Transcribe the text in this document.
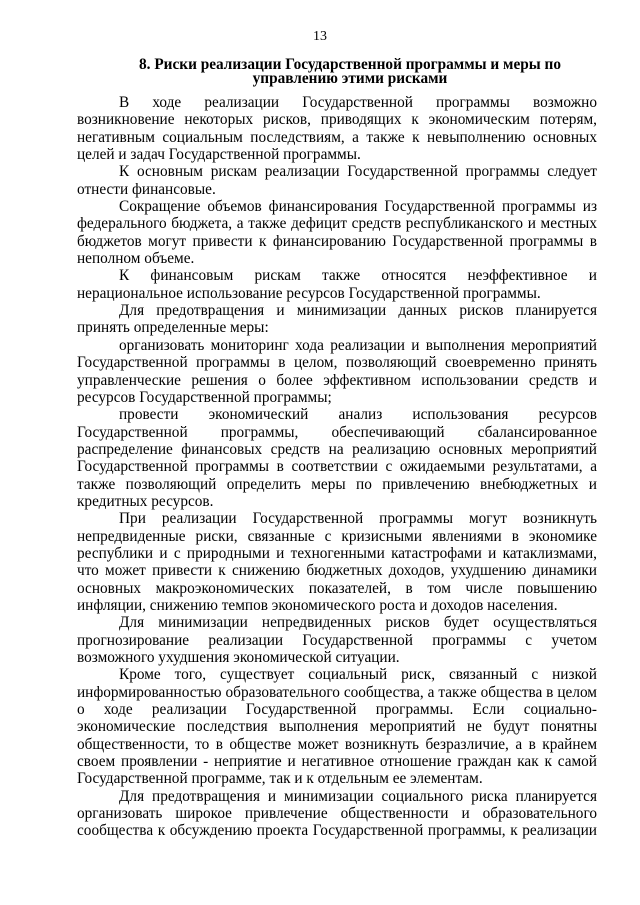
13
8. Риски реализации Государственной программы и меры по управлению этими рисками

В ходе реализации Государственной программы возможно возникновение некоторых рисков, приводящих к экономическим потерям, негативным социальным последствиям, а также к невыполнению основных целей и задач Государственной программы.

К основным рискам реализации Государственной программы следует отнести финансовые.

Сокращение объемов финансирования Государственной программы из федерального бюджета, а также дефицит средств республиканского и местных бюджетов могут привести к финансированию Государственной программы в неполном объеме.

К финансовым рискам также относятся неэффективное и нерациональное использование ресурсов Государственной программы.

Для предотвращения и минимизации данных рисков планируется принять определенные меры:

организовать мониторинг хода реализации и выполнения мероприятий Государственной программы в целом, позволяющий своевременно принять управленческие решения о более эффективном использовании средств и ресурсов Государственной программы;

провести экономический анализ использования ресурсов Государственной программы, обеспечивающий сбалансированное распределение финансовых средств на реализацию основных мероприятий Государственной программы в соответствии с ожидаемыми результатами, а также позволяющий определить меры по привлечению внебюджетных и кредитных ресурсов.

При реализации Государственной программы могут возникнуть непредвиденные риски, связанные с кризисными явлениями в экономике республики и с природными и техногенными катастрофами и катаклизмами, что может привести к снижению бюджетных доходов, ухудшению динамики основных макроэкономических показателей, в том числе повышению инфляции, снижению темпов экономического роста и доходов населения.

Для минимизации непредвиденных рисков будет осуществляться прогнозирование реализации Государственной программы с учетом возможного ухудшения экономической ситуации.

Кроме того, существует социальный риск, связанный с низкой информированностью образовательного сообщества, а также общества в целом о ходе реализации Государственной программы. Если социально-экономические последствия выполнения мероприятий не будут понятны общественности, то в обществе может возникнуть безразличие, а в крайнем своем проявлении - неприятие и негативное отношение граждан как к самой Государственной программе, так и к отдельным ее элементам.

Для предотвращения и минимизации социального риска планируется организовать широкое привлечение общественности и образовательного сообщества к обсуждению проекта Государственной программы, к реализации
